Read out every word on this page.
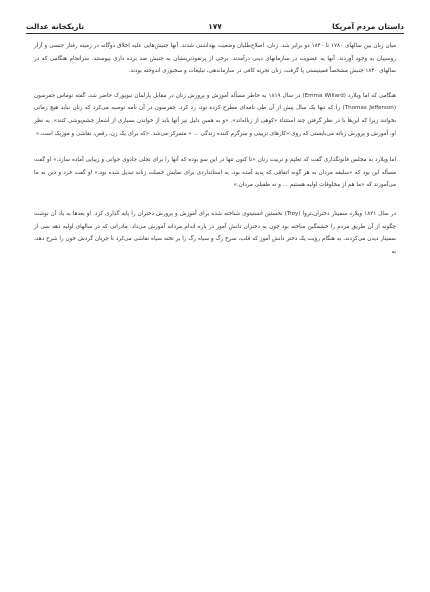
داستان مردم آمریکا
۱۷۷
تاریکخانه عدالت

میان زنان بین سالهای ۱۷۸۰ تا ۱۸۴۰ دو برابر شد. زنان، اصلاح‌طلبان وضعیت بهداشتی شدند. آنها جنبش‌هایی علیه اخلاق دوگانه در زمینه رفتار جنسی و آزار روسپیان به وجود آوردند. آنها به عضویت در سازمانهای دینی درآمدند. برخی از پرنفوذترینشان به جنبش ضد برده داری پیوستند. سرانجام هنگامی که در سالهای ۱۸۴۰ جنبش مشخصاً فمینیستی پا گرفت، زنان تجربه کافی در سازماندهی، تبلیغات و سخنوری اندوخته بودند.

هنگامی که اما ویلارد (Emma Willard) در سال ۱۸۱۹ به خاطر مسأله آموزش و پرورش زنان در مقابل پارلمان نیویورک حاضر شد، گفته توماس جفرسون (Thomas Jefferson) را که تنها یک سال پیش از آن طی نامه‌ای مطرح کرده بود، رد کرد. جفرسون در آن نامه توصیه می‌کرد که زنان نباید هیچ رمانی بخوانند زیرا که این‌ها با در نظر گرفتن چند استثناء «کوهی از زباله‌اند». «و به همین دلیل نیز آنها باید از خواندن بسیاری از اشعار چشم‌پوشی کنند». به نظر او، آموزش و پرورش زنانه می‌بایستی که روی «کارهای تزیینی و سرگرم کننده زندگی ... » متمرکز می‌شد. «که برای یک زن، رقص، نقاشی و موزیک است.»

اما ویلارد به مجلس قانونگذاری گفت که تعلیم و تربیت زنان «تا کنون تنها در این سو بوده که آنها را برای تجلی جادوی جوانی و زیبایی آماده سازد.» او گفت مسأله این بود که «سلیقه مردان به هر گونه اتفاقی که پدید آمده بود، به استانداردی برای نمایش خصلت زنانه تبدیل شده بود.» او گفت خرد و دین به ما می‌آموزند که «ما هم از مخلوقات اولیه هستیم ... و نه طفیلی مردان.»

در سال ۱۸۲۱ ویلارد سمینار دختران‌ـ‌تروا (Troy) نخستین انستیتوی شناخته شده برای آموزش و پرورش دختران را پایه گذاری کرد. او بعدها به یاد آن نوشت چگونه از آن طریق مردم را خشمگین ساخته بود چون به دختران دانش آموز در باره اندام مردانه آموزش می‌داد. مادرانی که در سالهای اولیه دهه سی از سمینار دیدن می‌کردند، به هنگام رؤیت یک دختر دانش آموز که قلب، سرخ رگ و سیاه رگ را بر تخته سیاه نقاشی می‌کرد تا جریان گردش خون را شرح دهد، به
